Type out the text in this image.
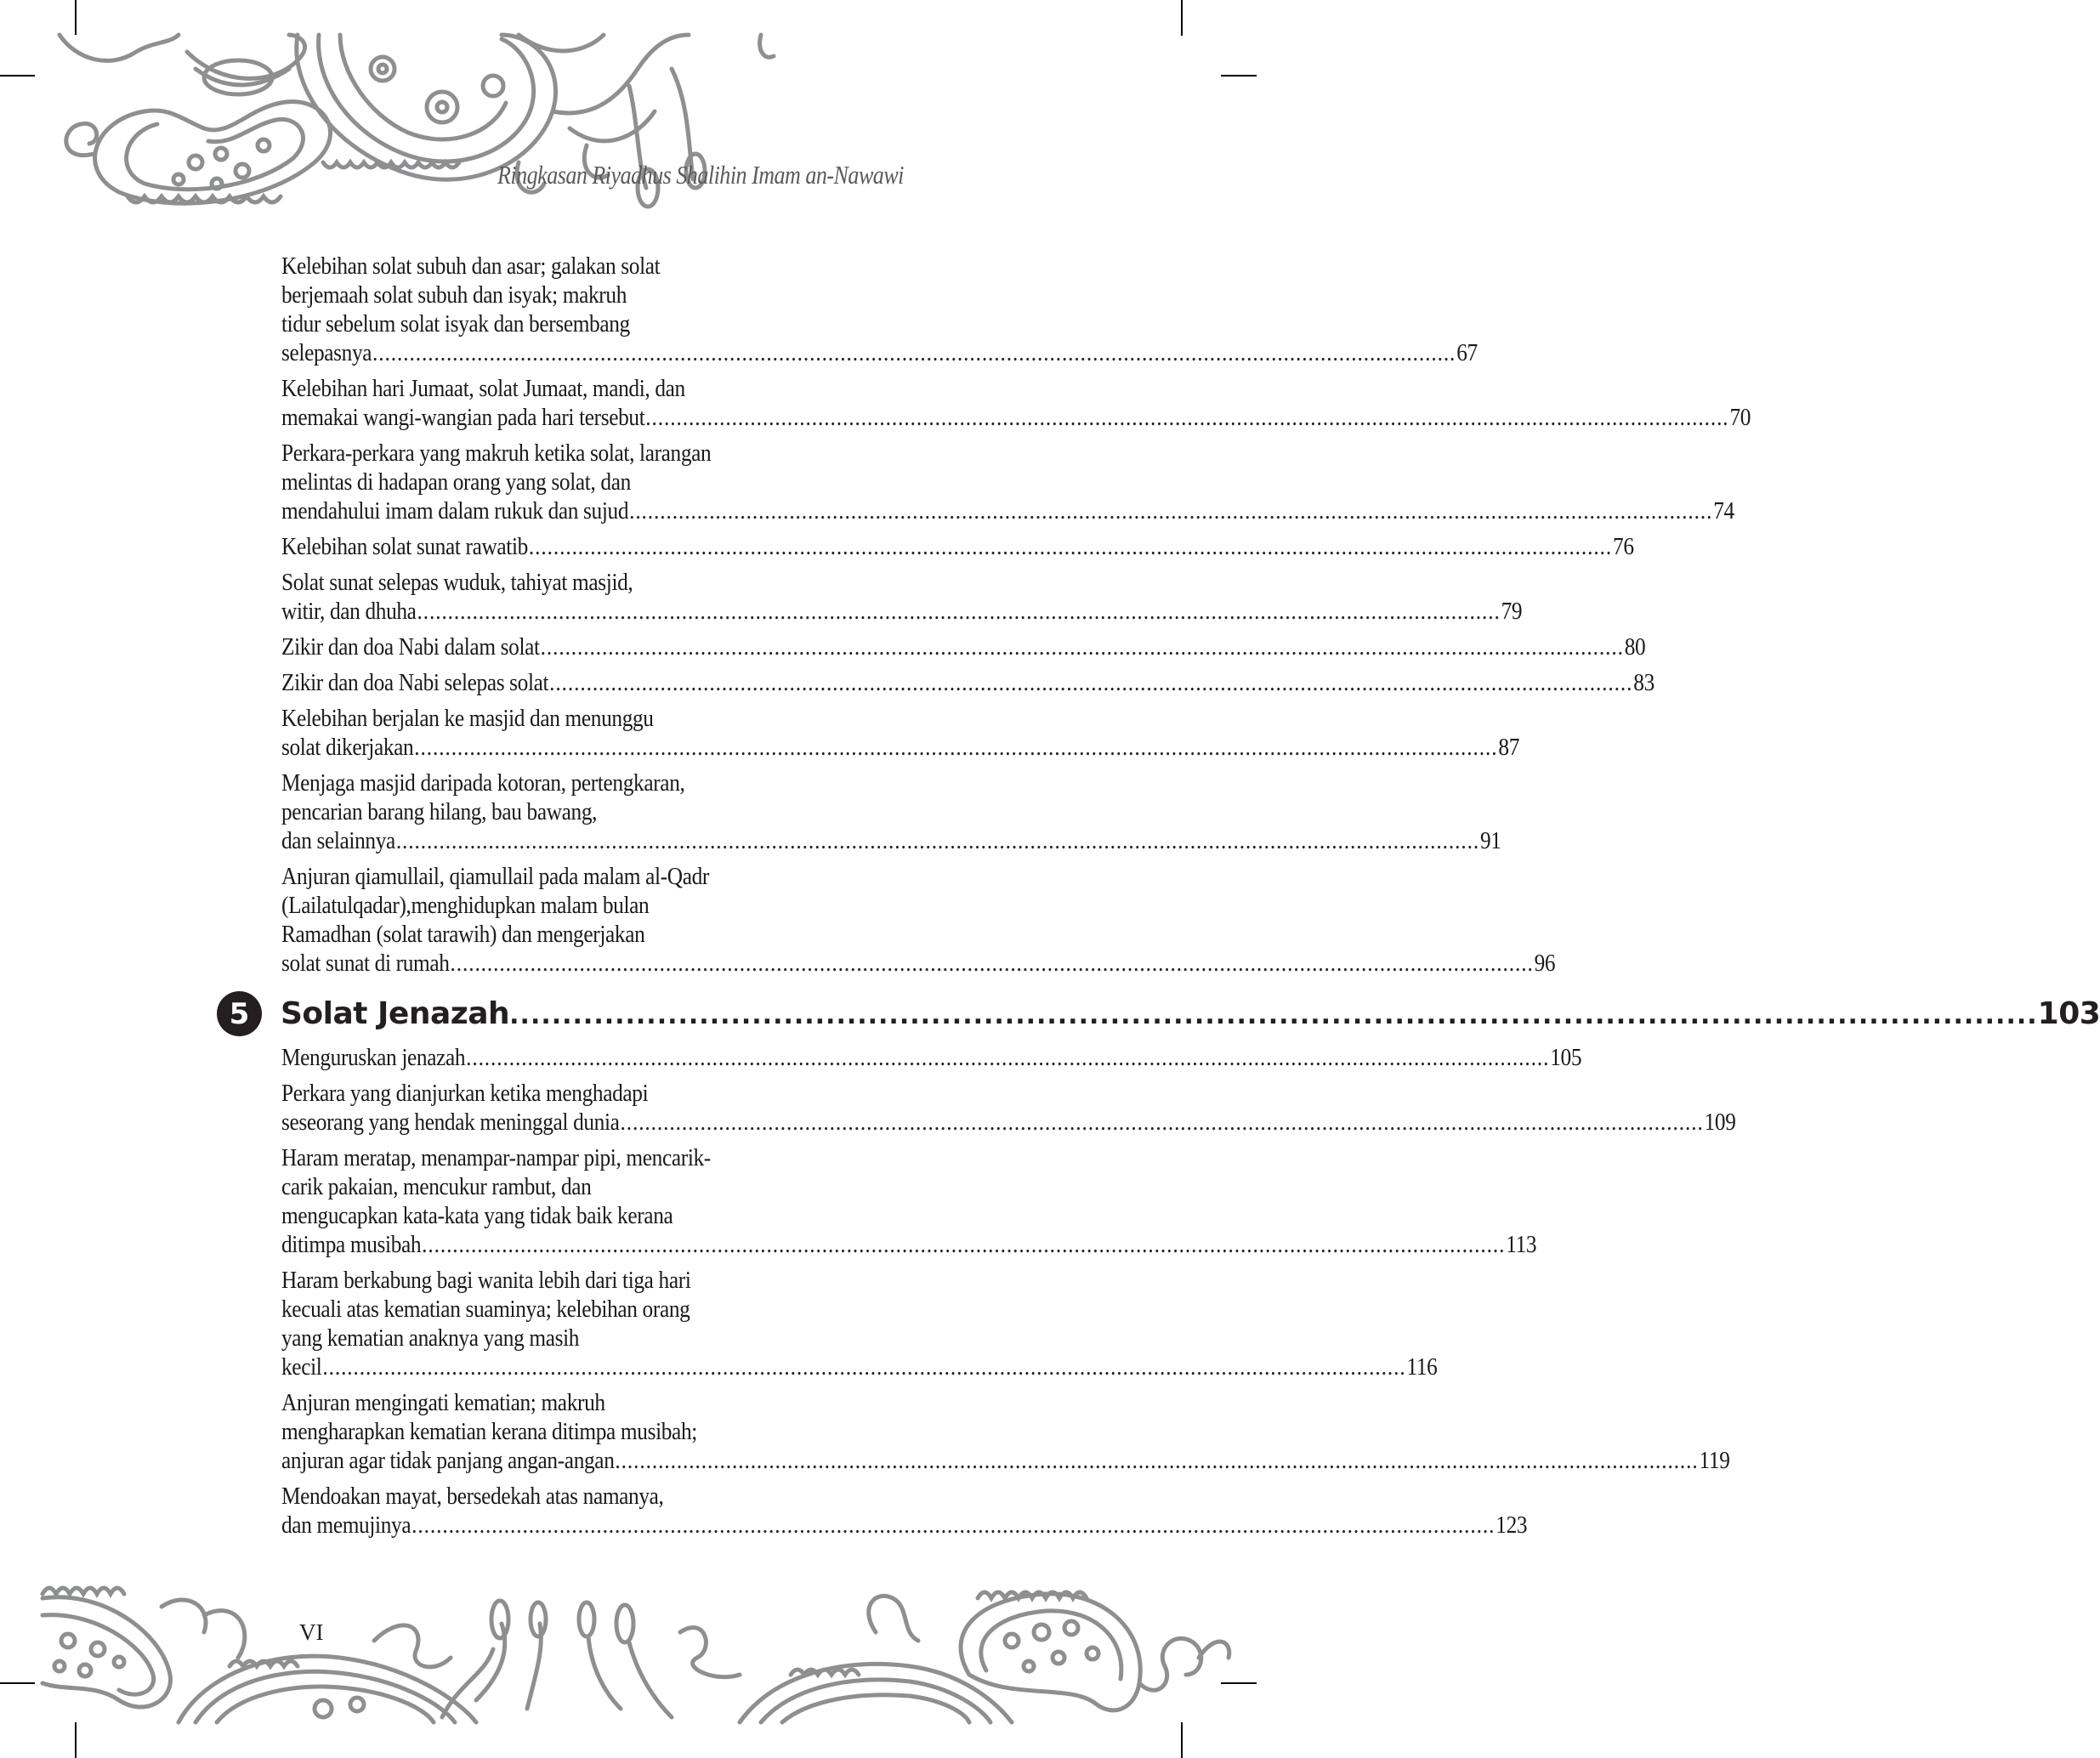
Ringkasan Riyadhus Shalihin Imam an-Nawawi
Kelebihan solat subuh dan asar; galakan solat
berjemaah solat subuh dan isyak; makruh
tidur sebelum solat isyak dan bersembang
selepasnya .....	67
Kelebihan hari Jumaat, solat Jumaat, mandi, dan
memakai wangi-wangian pada hari tersebut .....	70
Perkara-perkara yang makruh ketika solat, larangan
melintas di hadapan orang yang solat, dan
mendahului imam dalam rukuk dan sujud .....	74
Kelebihan solat sunat rawatib .....	76
Solat sunat selepas wuduk, tahiyat masjid,
witir, dan dhuha .....	79
Zikir dan doa Nabi dalam solat .....	80
Zikir dan doa Nabi selepas solat .....	83
Kelebihan berjalan ke masjid dan menunggu
solat dikerjakan .....	87
Menjaga masjid daripada kotoran, pertengkaran,
pencarian barang hilang, bau bawang,
dan selainnya .....	91
Anjuran qiamullail, qiamullail pada malam al-Qadr
(Lailatulqadar),menghidupkan malam bulan
Ramadhan (solat tarawih) dan mengerjakan
solat sunat di rumah .....	96
5	Solat Jenazah .....	103
Menguruskan jenazah .....	105
Perkara yang dianjurkan ketika menghadapi
seseorang yang hendak meninggal dunia .....	109
Haram meratap, menampar-nampar pipi, mencarik-
carik pakaian, mencukur rambut, dan
mengucapkan kata-kata yang tidak baik kerana
ditimpa musibah .....	113
Haram berkabung bagi wanita lebih dari tiga hari
kecuali atas kematian suaminya; kelebihan orang
yang kematian anaknya yang masih
kecil .....	116
Anjuran mengingati kematian; makruh
mengharapkan kematian kerana ditimpa musibah;
anjuran agar tidak panjang angan-angan .....	119
Mendoakan mayat, bersedekah atas namanya,
dan memujinya .....	123
VI
